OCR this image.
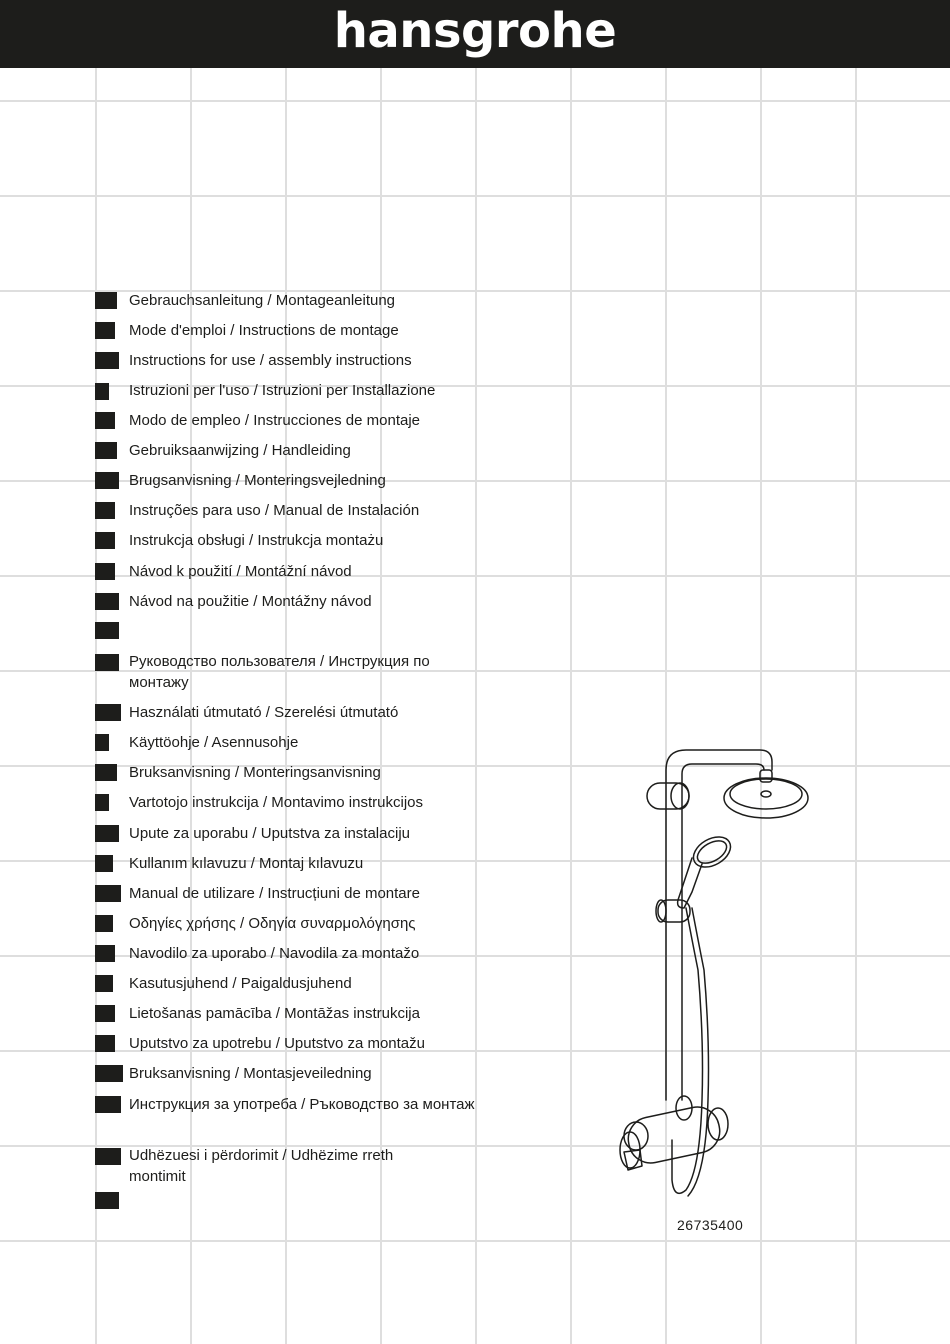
hansgrohe
Gebrauchsanleitung / Montageanleitung
Mode d'emploi / Instructions de montage
Instructions for use / assembly instructions
Istruzioni per l'uso / Istruzioni per Installazione
Modo de empleo / Instrucciones de montaje
Gebruiksaanwijzing / Handleiding
Brugsanvisning / Monteringsvejledning
Instruções para uso / Manual de Instalación
Instrukcja obsługi / Instrukcja montażu
Návod k použití / Montážní návod
Návod na použitie / Montážny návod
Руководство пользователя / Инструкция по монтажу
Használati útmutató / Szerelési útmutató
Käyttöohje / Asennusohje
Bruksanvisning / Monteringsanvisning
Vartotojo instrukcija / Montavimo instrukcijos
Upute za uporabu / Uputstva za instalaciju
Kullanım kılavuzu / Montaj kılavuzu
Manual de utilizare / Instrucțiuni de montare
Οδηγίες χρήσης / Οδηγία συναρμολόγησης
Navodilo za uporabo / Navodila za montažo
Kasutusjuhend / Paigaldusjuhend
Lietošanas pamācība / Montāžas instrukcija
Uputstvo za upotrebu / Uputstvo za montažu
Bruksanvisning / Montasjeveiledning
Инструкция за употреба / Ръководство за монтаж
Udhëzuesi i përdorimit / Udhëzime rreth montimit
26735400
